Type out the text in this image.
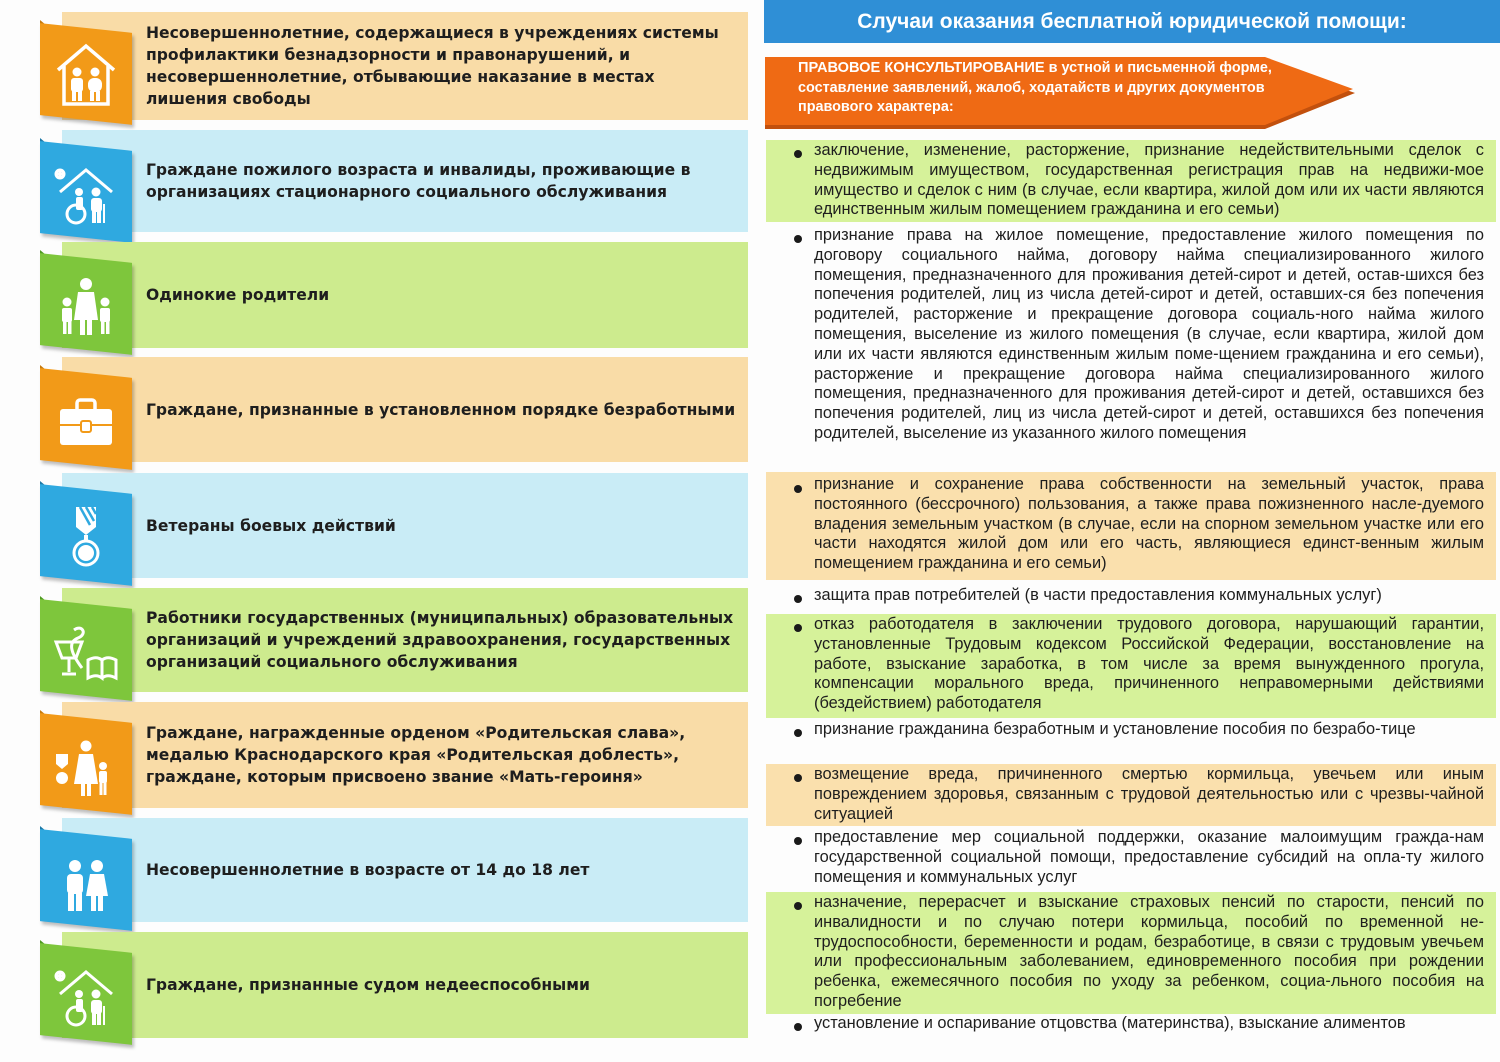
Несовершеннолетние, содержащиеся в учреждениях системы профилактики безнадзорности и правонарушений, и несовершеннолетние, отбывающие наказание в местах лишения свободы
Граждане пожилого возраста и инвалиды, проживающие в организациях стационарного социального обслуживания
Одинокие родители
Граждане, признанные в установленном порядке безработными
Ветераны боевых действий
Работники государственных (муниципальных) образовательных организаций и учреждений здравоохранения, государственных организаций социального обслуживания
Граждане, награжденные орденом «Родительская слава», медалью Краснодарского края «Родительская доблесть», граждане, которым присвоено звание «Мать-героиня»
Несовершеннолетние в возрасте от 14 до 18 лет
Граждане, признанные судом недееспособными
Случаи оказания бесплатной юридической помощи:
ПРАВОВОЕ КОНСУЛЬТИРОВАНИЕ в устной и письменной форме, составление заявлений, жалоб, ходатайств и других документов правового характера:
заключение, изменение, расторжение, признание недействительными сделок с недвижимым имуществом, государственная регистрация прав на недвижи-мое имущество и сделок с ним (в случае, если квартира, жилой дом или их части являются единственным жилым помещением гражданина и его семьи)
признание права на жилое помещение, предоставление жилого помещения по договору социального найма, договору найма специализированного жилого помещения, предназначенного для проживания детей-сирот и детей, остав-шихся без попечения родителей, лиц из числа детей-сирот и детей, оставших-ся без попечения родителей, расторжение и прекращение договора социаль-ного найма жилого помещения, выселение из жилого помещения (в случае, если квартира, жилой дом или их части являются единственным жилым поме-щением гражданина и его семьи), расторжение и прекращение договора найма специализированного жилого помещения, предназначенного для проживания детей-сирот и детей, оставшихся без попечения родителей, лиц из числа детей-сирот и детей, оставшихся без попечения родителей, выселение из указанного жилого помещения
признание и сохранение права собственности на земельный участок, права постоянного (бессрочного) пользования, а также права пожизненного насле-дуемого владения земельным участком (в случае, если на спорном земельном участке или его части находятся жилой дом или его часть, являющиеся единст-венным жилым помещением гражданина и его семьи)
защита прав потребителей (в части предоставления коммунальных услуг)
отказ работодателя в заключении трудового договора, нарушающий гарантии, установленные Трудовым кодексом Российской Федерации, восстановление на работе, взыскание заработка, в том числе за время вынужденного прогула, компенсации морального вреда, причиненного неправомерными действиями (бездействием) работодателя
признание гражданина безработным и установление пособия по безрабо-тице
возмещение вреда, причиненного смертью кормильца, увечьем или иным повреждением здоровья, связанным с трудовой деятельностью или с чрезвы-чайной ситуацией
предоставление мер социальной поддержки, оказание малоимущим гражда-нам государственной социальной помощи, предоставление субсидий на опла-ту жилого помещения и коммунальных услуг
назначение, перерасчет и взыскание страховых пенсий по старости, пенсий по инвалидности и по случаю потери кормильца, пособий по временной не-трудоспособности, беременности и родам, безработице, в связи с трудовым увечьем или профессиональным заболеванием, единовременного пособия при рождении ребенка, ежемесячного пособия по уходу за ребенком, социа-льного пособия на погребение
установление и оспаривание отцовства (материнства), взыскание алиментов
